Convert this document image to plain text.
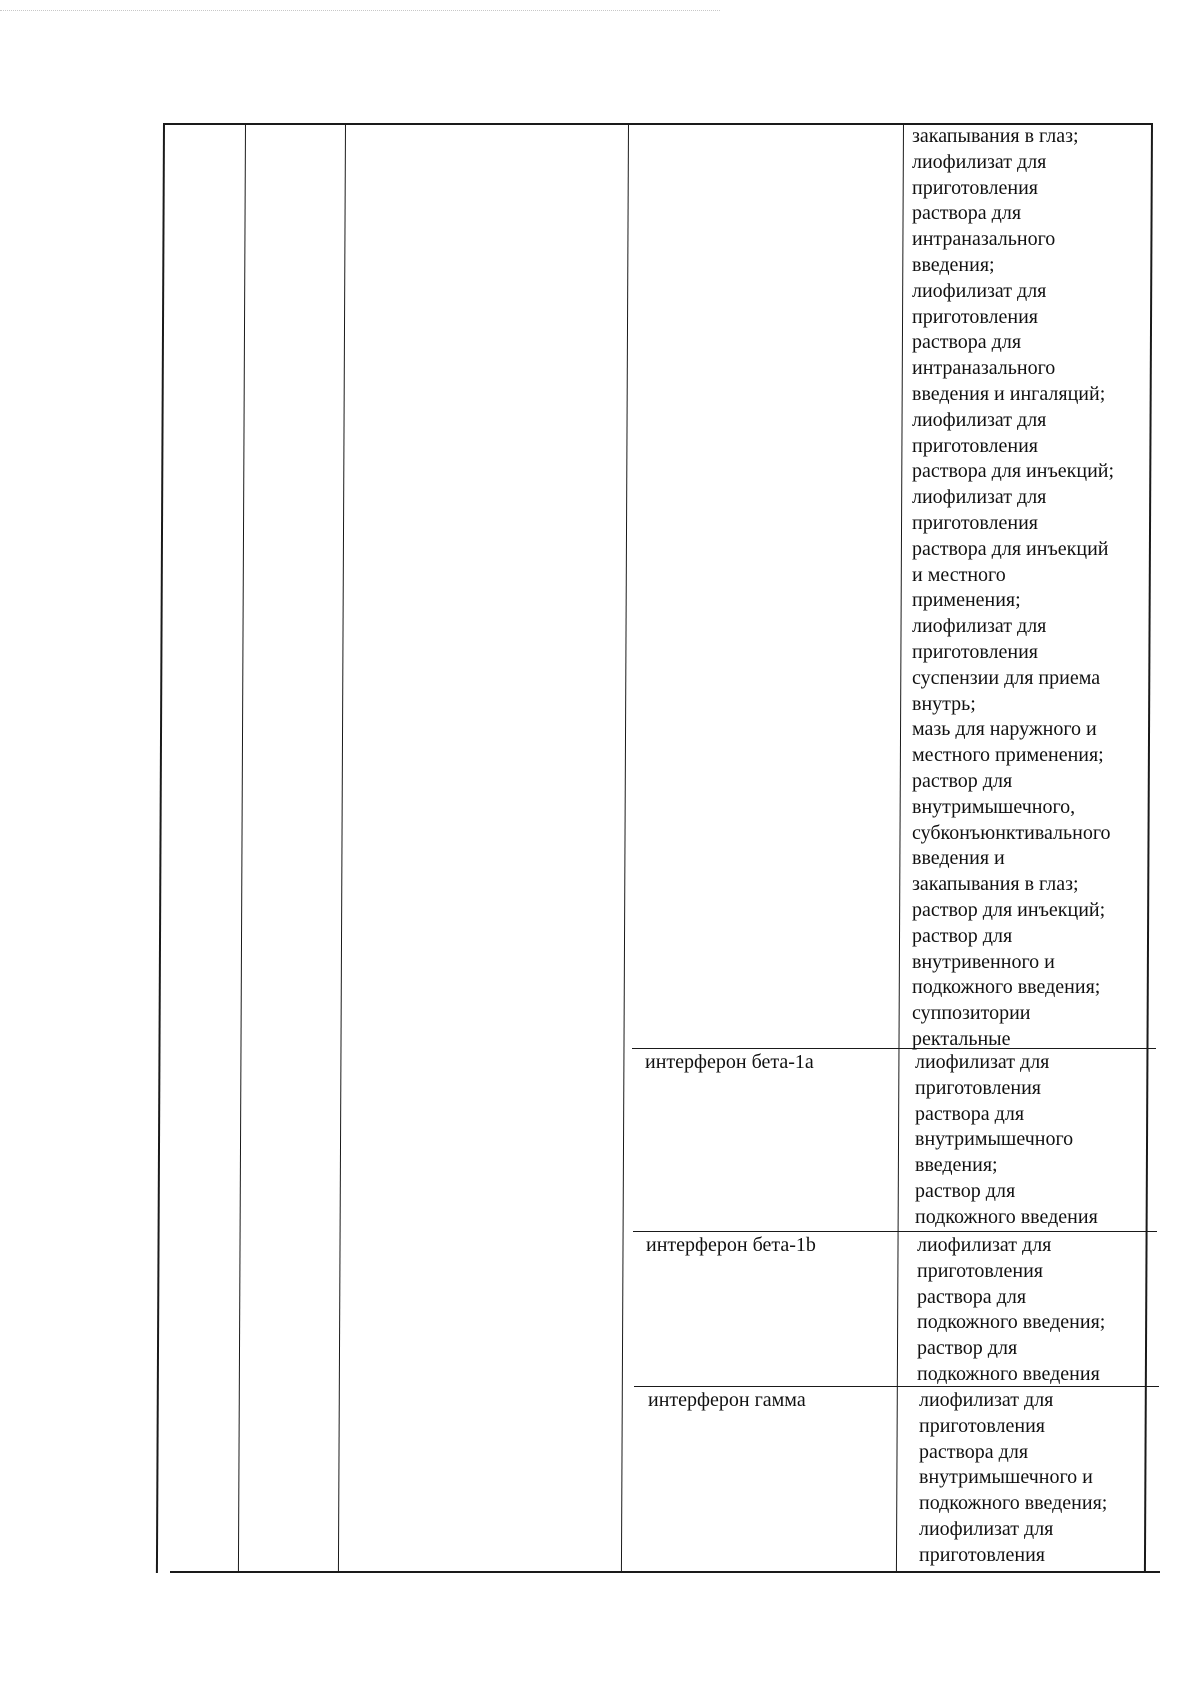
закапывания в глаз;
лиофилизат для
приготовления
раствора для
интраназального
введения;
лиофилизат для
приготовления
раствора для
интраназального
введения и ингаляций;
лиофилизат для
приготовления
раствора для инъекций;
лиофилизат для
приготовления
раствора для инъекций
и местного
применения;
лиофилизат для
приготовления
суспензии для приема
внутрь;
мазь для наружного и
местного применения;
раствор для
внутримышечного,
субконъюнктивального
введения и
закапывания в глаз;
раствор для инъекций;
раствор для
внутривенного и
подкожного введения;
суппозитории
ректальные
интерферон бета-1a	лиофилизат для
приготовления
раствора для
внутримышечного
введения;
раствор для
подкожного введения
интерферон бета-1b	лиофилизат для
приготовления
раствора для
подкожного введения;
раствор для
подкожного введения
интерферон гамма	лиофилизат для
приготовления
раствора для
внутримышечного и
подкожного введения;
лиофилизат для
приготовления
